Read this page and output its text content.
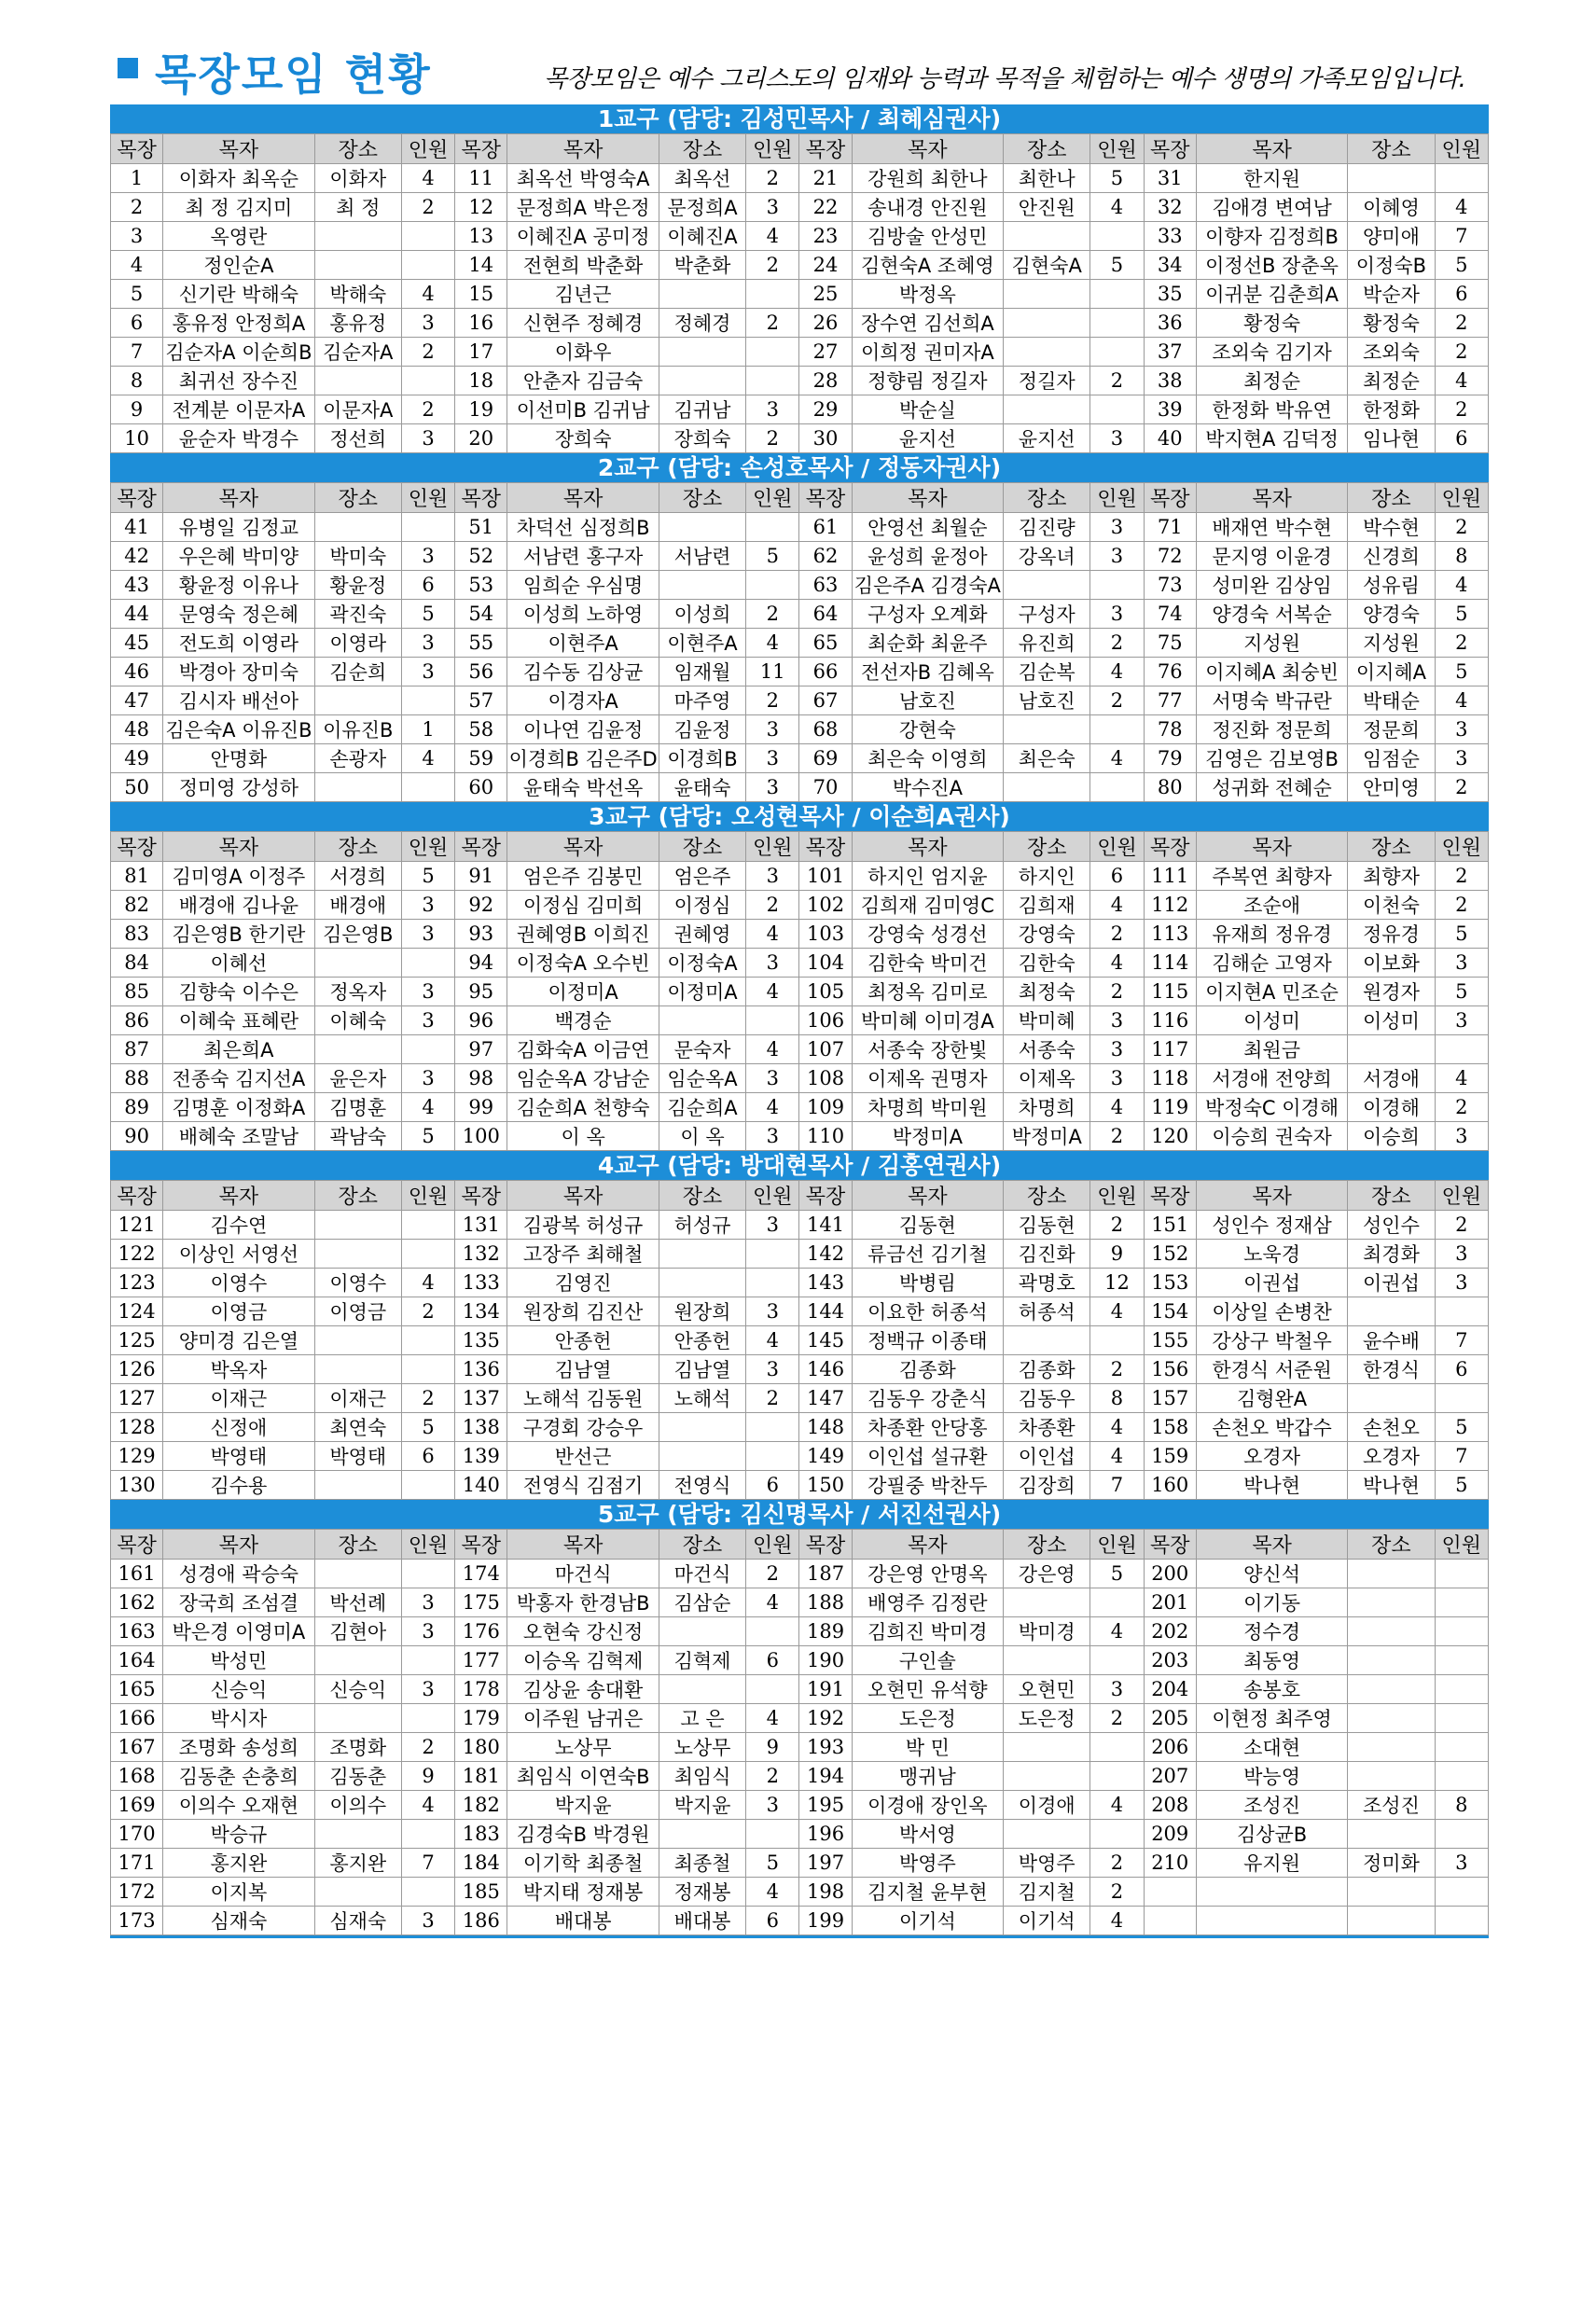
목장모임 현황	목장모임은 예수 그리스도의 임재와 능력과 목적을 체험하는 예수 생명의 가족모임입니다.
1교구 (담당: 김성민목사 / 최혜심권사)
목장	목자	장소	인원	목장	목자	장소	인원	목장	목자	장소	인원	목장	목자	장소	인원
1	이화자 최옥순	이화자	4	11	최옥선 박영숙A	최옥선	2	21	강원희 최한나	최한나	5	31	한지원		
2	최 정 김지미	최 정	2	12	문정희A 박은정	문정희A	3	22	송내경 안진원	안진원	4	32	김애경 변여남	이혜영	4
3	옥영란			13	이혜진A 공미정	이혜진A	4	23	김방술 안성민			33	이향자 김정희B	양미애	7
4	정인순A			14	전현희 박춘화	박춘화	2	24	김현숙A 조혜영	김현숙A	5	34	이정선B 장춘옥	이정숙B	5
5	신기란 박해숙	박해숙	4	15	김년근			25	박정옥			35	이귀분 김춘희A	박순자	6
6	홍유정 안정희A	홍유정	3	16	신현주 정혜경	정혜경	2	26	장수연 김선희A			36	황정숙	황정숙	2
7	김순자A 이순희B	김순자A	2	17	이화우			27	이희정 권미자A			37	조외숙 김기자	조외숙	2
8	최귀선 장수진			18	안춘자 김금숙			28	정향림 정길자	정길자	2	38	최정순	최정순	4
9	전계분 이문자A	이문자A	2	19	이선미B 김귀남	김귀남	3	29	박순실			39	한정화 박유연	한정화	2
10	윤순자 박경수	정선희	3	20	장희숙	장희숙	2	30	윤지선	윤지선	3	40	박지현A 김덕정	임나현	6
2교구 (담당: 손성호목사 / 정동자권사)
목장	목자	장소	인원	목장	목자	장소	인원	목장	목자	장소	인원	목장	목자	장소	인원
41	유병일 김정교			51	차덕선 심정희B			61	안영선 최월순	김진량	3	71	배재연 박수현	박수현	2
42	우은혜 박미양	박미숙	3	52	서남련 홍구자	서남련	5	62	윤성희 윤정아	강옥녀	3	72	문지영 이윤경	신경희	8
43	황윤정 이유나	황윤정	6	53	임희순 우심명			63	김은주A 김경숙A			73	성미완 김상임	성유림	4
44	문영숙 정은혜	곽진숙	5	54	이성희 노하영	이성희	2	64	구성자 오계화	구성자	3	74	양경숙 서복순	양경숙	5
45	전도희 이영라	이영라	3	55	이현주A	이현주A	4	65	최순화 최윤주	유진희	2	75	지성원	지성원	2
46	박경아 장미숙	김순희	3	56	김수동 김상균	임재월	11	66	전선자B 김혜옥	김순복	4	76	이지혜A 최숭빈	이지혜A	5
47	김시자 배선아			57	이경자A	마주영	2	67	남호진	남호진	2	77	서명숙 박규란	박태순	4
48	김은숙A 이유진B	이유진B	1	58	이나연 김윤정	김윤정	3	68	강현숙			78	정진화 정문희	정문희	3
49	안명화	손광자	4	59	이경희B 김은주D	이경희B	3	69	최은숙 이영희	최은숙	4	79	김영은 김보영B	임점순	3
50	정미영 강성하			60	윤태숙 박선옥	윤태숙	3	70	박수진A			80	성귀화 전혜순	안미영	2
3교구 (담당: 오성현목사 / 이순희A권사)
목장	목자	장소	인원	목장	목자	장소	인원	목장	목자	장소	인원	목장	목자	장소	인원
81	김미영A 이정주	서경희	5	91	엄은주 김봉민	엄은주	3	101	하지인 엄지윤	하지인	6	111	주복연 최향자	최향자	2
82	배경애 김나윤	배경애	3	92	이정심 김미희	이정심	2	102	김희재 김미영C	김희재	4	112	조순애	이천숙	2
83	김은영B 한기란	김은영B	3	93	권혜영B 이희진	권혜영	4	103	강영숙 성경선	강영숙	2	113	유재희 정유경	정유경	5
84	이혜선			94	이정숙A 오수빈	이정숙A	3	104	김한숙 박미건	김한숙	4	114	김해순 고영자	이보화	3
85	김향숙 이수은	정옥자	3	95	이정미A	이정미A	4	105	최정옥 김미로	최정숙	2	115	이지현A 민조순	원경자	5
86	이혜숙 표혜란	이혜숙	3	96	백경순			106	박미혜 이미경A	박미혜	3	116	이성미	이성미	3
87	최은희A			97	김화숙A 이금연	문숙자	4	107	서종숙 장한빛	서종숙	3	117	최원금		
88	전종숙 김지선A	윤은자	3	98	임순옥A 강남순	임순옥A	3	108	이제옥 권명자	이제옥	3	118	서경애 전양희	서경애	4
89	김명훈 이정화A	김명훈	4	99	김순희A 천향숙	김순희A	4	109	차명희 박미원	차명희	4	119	박정숙C 이경해	이경해	2
90	배혜숙 조말남	곽남숙	5	100	이 옥	이 옥	3	110	박정미A	박정미A	2	120	이승희 권숙자	이승희	3
4교구 (담당: 방대현목사 / 김홍연권사)
목장	목자	장소	인원	목장	목자	장소	인원	목장	목자	장소	인원	목장	목자	장소	인원
121	김수연			131	김광복 허성규	허성규	3	141	김동현	김동현	2	151	성인수 정재삼	성인수	2
122	이상인 서영선			132	고장주 최해철			142	류금선 김기철	김진화	9	152	노욱경	최경화	3
123	이영수	이영수	4	133	김영진			143	박병림	곽명호	12	153	이권섭	이권섭	3
124	이영금	이영금	2	134	원장희 김진산	원장희	3	144	이요한 허종석	허종석	4	154	이상일 손병찬		
125	양미경 김은열			135	안종헌	안종헌	4	145	정백규 이종태			155	강상구 박철우	윤수배	7
126	박옥자			136	김남열	김남열	3	146	김종화	김종화	2	156	한경식 서준원	한경식	6
127	이재근	이재근	2	137	노해석 김동원	노해석	2	147	김동우 강춘식	김동우	8	157	김형완A		
128	신정애	최연숙	5	138	구경회 강승우			148	차종환 안당홍	차종환	4	158	손천오 박갑수	손천오	5
129	박영태	박영태	6	139	반선근			149	이인섭 설규환	이인섭	4	159	오경자	오경자	7
130	김수용			140	전영식 김점기	전영식	6	150	강필중 박찬두	김장희	7	160	박나현	박나현	5
5교구 (담당: 김신명목사 / 서진선권사)
목장	목자	장소	인원	목장	목자	장소	인원	목장	목자	장소	인원	목장	목자	장소	인원
161	성경애 곽승숙			174	마건식	마건식	2	187	강은영 안명옥	강은영	5	200	양신석		
162	장국희 조섬결	박선례	3	175	박홍자 한경남B	김삼순	4	188	배영주 김정란			201	이기동		
163	박은경 이영미A	김현아	3	176	오현숙 강신정			189	김희진 박미경	박미경	4	202	정수경		
164	박성민			177	이승옥 김혁제	김혁제	6	190	구인솔			203	최동영		
165	신승익	신승익	3	178	김상윤 송대환			191	오현민 유석향	오현민	3	204	송봉호		
166	박시자			179	이주원 남귀은	고 은	4	192	도은정	도은정	2	205	이현정 최주영		
167	조명화 송성희	조명화	2	180	노상무	노상무	9	193	박 민			206	소대현		
168	김동춘 손충희	김동춘	9	181	최임식 이연숙B	최임식	2	194	맹귀남			207	박능영		
169	이의수 오재현	이의수	4	182	박지윤	박지윤	3	195	이경애 장인옥	이경애	4	208	조성진	조성진	8
170	박승규			183	김경숙B 박경원			196	박서영			209	김상균B		
171	홍지완	홍지완	7	184	이기학 최종철	최종철	5	197	박영주	박영주	2	210	유지원	정미화	3
172	이지복			185	박지태 정재봉	정재봉	4	198	김지철 윤부현	김지철	2				
173	심재숙	심재숙	3	186	배대봉	배대봉	6	199	이기석	이기석	4				
